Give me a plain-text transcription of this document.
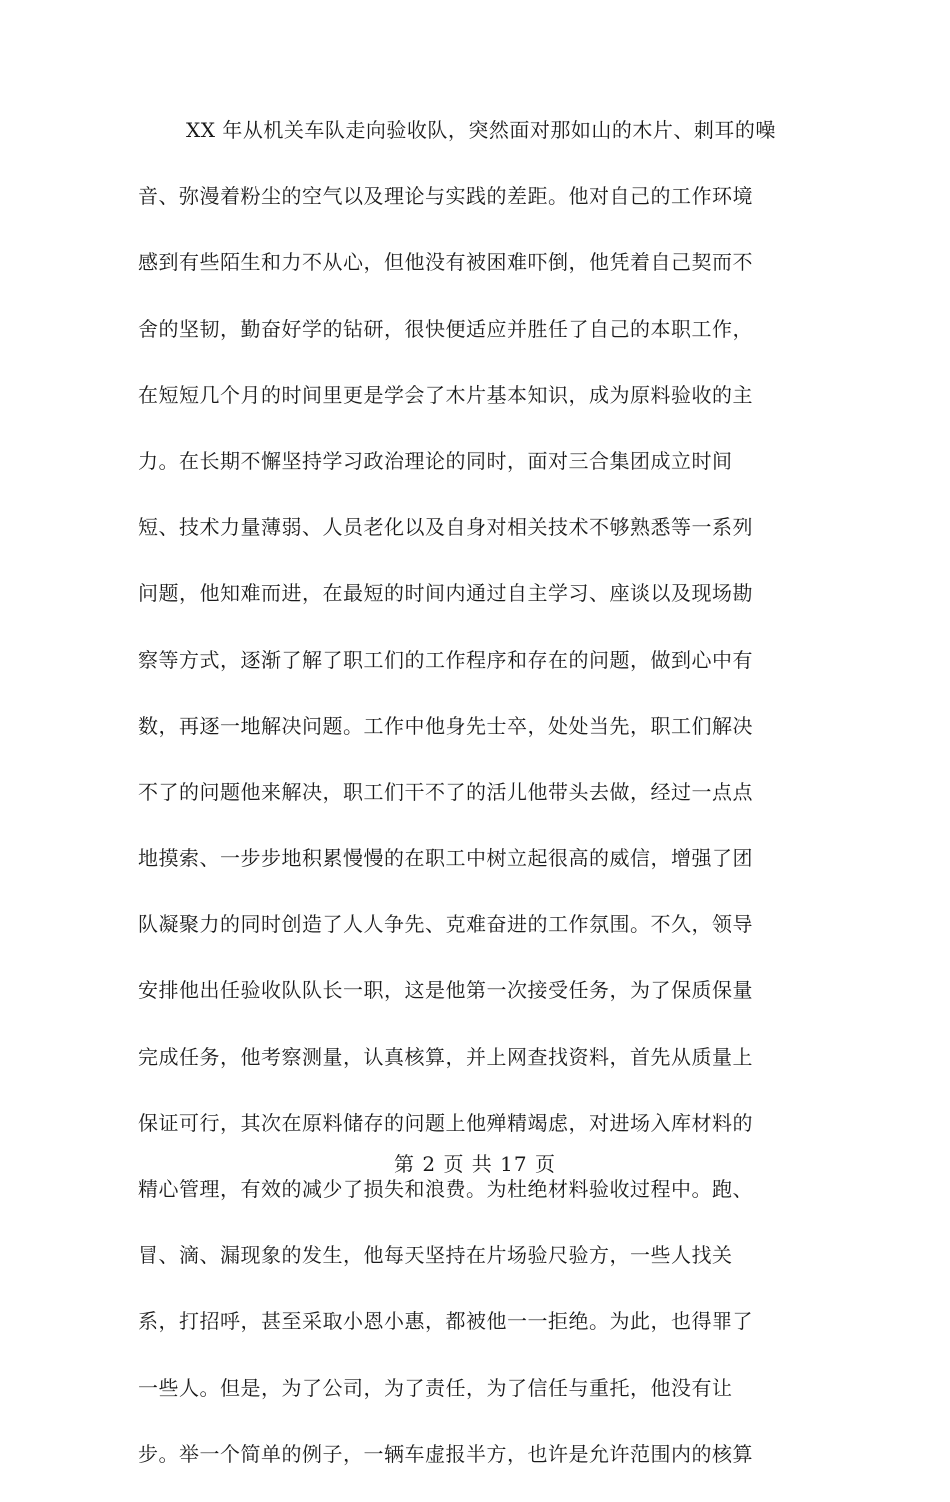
XX 年从机关车队走向验收队，突然面对那如山的木片、刺耳的噪
音、弥漫着粉尘的空气以及理论与实践的差距。他对自己的工作环境
感到有些陌生和力不从心，但他没有被困难吓倒，他凭着自己契而不
舍的坚韧，勤奋好学的钻研，很快便适应并胜任了自己的本职工作，
在短短几个月的时间里更是学会了木片基本知识，成为原料验收的主
力。在长期不懈坚持学习政治理论的同时，面对三合集团成立时间
短、技术力量薄弱、人员老化以及自身对相关技术不够熟悉等一系列
问题，他知难而进，在最短的时间内通过自主学习、座谈以及现场勘
察等方式，逐渐了解了职工们的工作程序和存在的问题，做到心中有
数，再逐一地解决问题。工作中他身先士卒，处处当先，职工们解决
不了的问题他来解决，职工们干不了的活儿他带头去做，经过一点点
地摸索、一步步地积累慢慢的在职工中树立起很高的威信，增强了团
队凝聚力的同时创造了人人争先、克难奋进的工作氛围。不久，领导
安排他出任验收队队长一职，这是他第一次接受任务，为了保质保量
完成任务，他考察测量，认真核算，并上网查找资料，首先从质量上
保证可行，其次在原料储存的问题上他殚精竭虑，对进场入库材料的
精心管理，有效的减少了损失和浪费。为杜绝材料验收过程中。跑、
冒、滴、漏现象的发生，他每天坚持在片场验尺验方，一些人找关
系，打招呼，甚至采取小恩小惠，都被他一一拒绝。为此，也得罪了
一些人。但是，为了公司，为了责任，为了信任与重托，他没有让
步。举一个简单的例子，一辆车虚报半方，也许是允许范围内的核算
第 2 页 共 17 页
